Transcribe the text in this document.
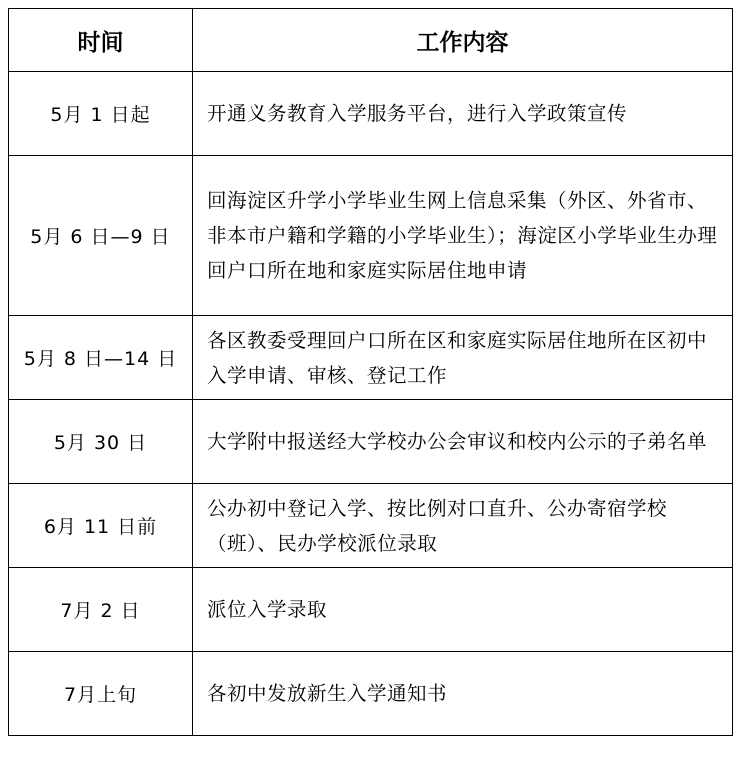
时间	工作内容
5月 1 日起	开通义务教育入学服务平台，进行入学政策宣传
5月 6 日—9 日	回海淀区升学小学毕业生网上信息采集（外区、外省市、非本市户籍和学籍的小学毕业生）；海淀区小学毕业生办理回户口所在地和家庭实际居住地申请
5月 8 日—14 日	各区教委受理回户口所在区和家庭实际居住地所在区初中入学申请、审核、登记工作
5月 30 日	大学附中报送经大学校办公会审议和校内公示的子弟名单
6月 11 日前	公办初中登记入学、按比例对口直升、公办寄宿学校（班）、民办学校派位录取
7月 2 日	派位入学录取
7月上旬	各初中发放新生入学通知书
